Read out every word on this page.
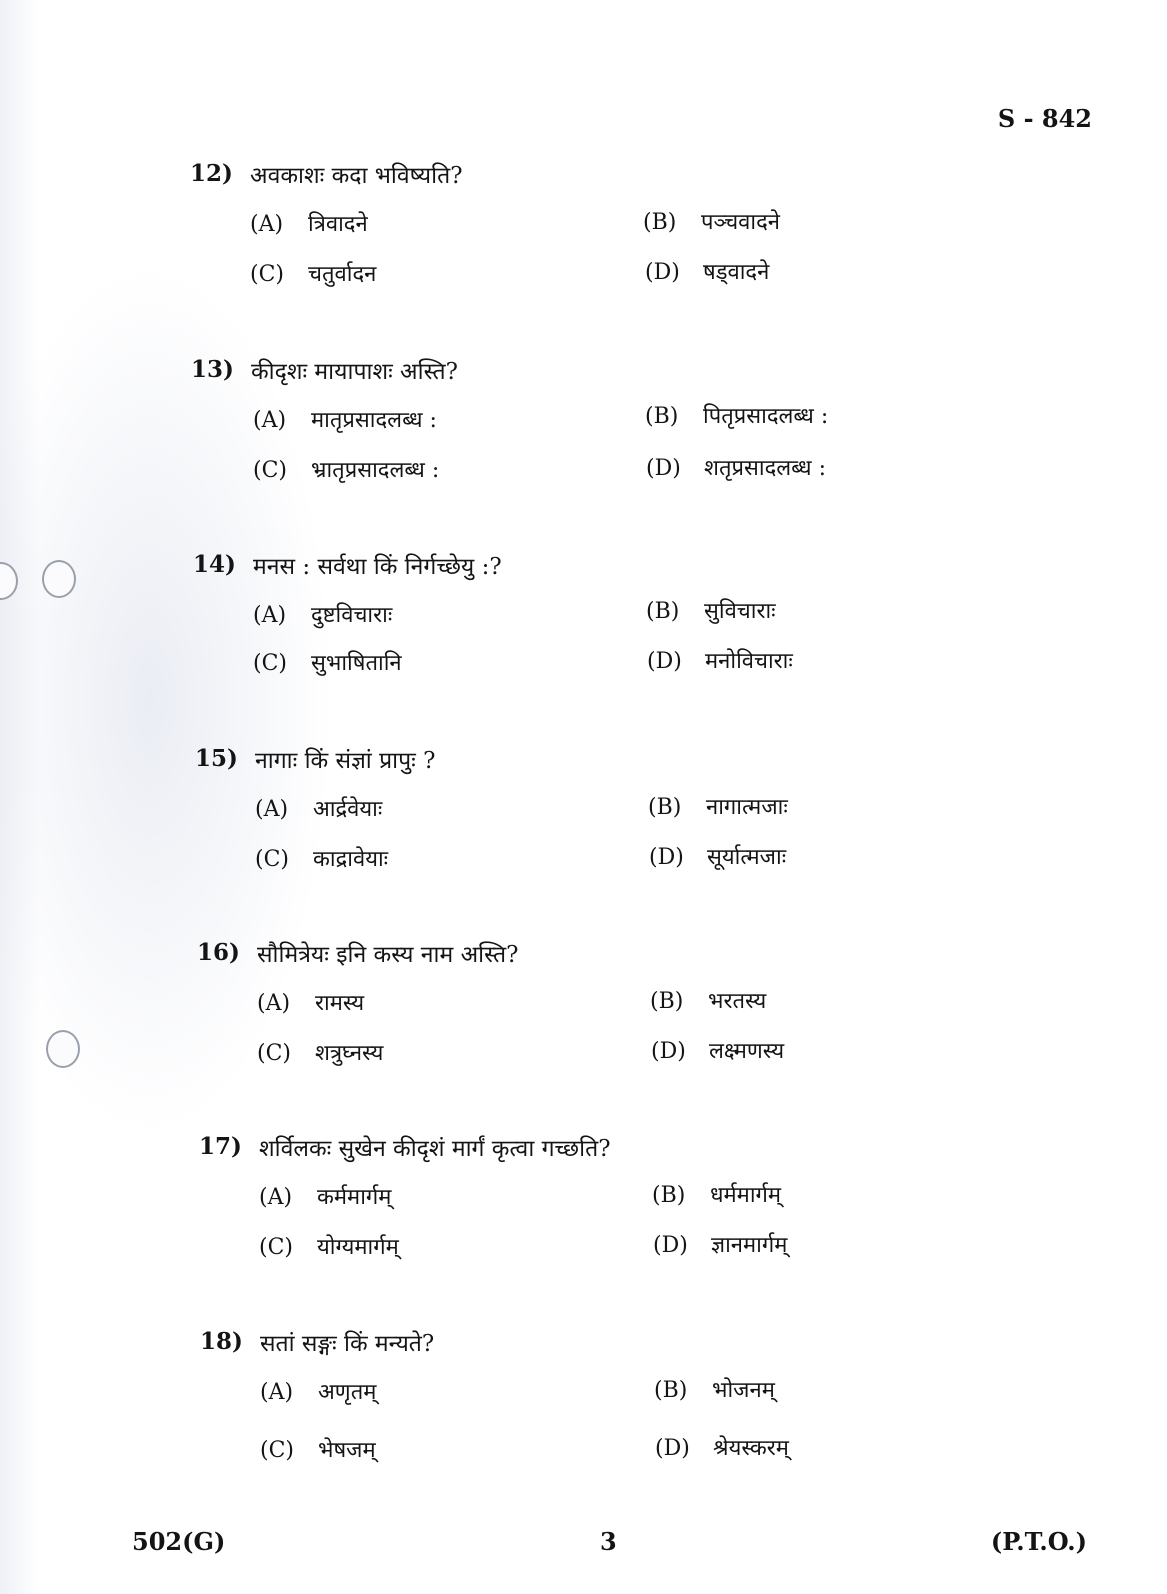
S - 842
12) अवकाशः कदा भविष्यति?
(A) त्रिवादने	(B) पञ्चवादने
(C) चतुर्वादन	(D) षड्वादने
13) कीदृशः मायापाशः अस्ति?
(A) मातृप्रसादलब्ध :	(B) पितृप्रसादलब्ध :
(C) भ्रातृप्रसादलब्ध :	(D) शतृप्रसादलब्ध :
14) मनस : सर्वथा किं निर्गच्छेयु :?
(A) दुष्टविचाराः	(B) सुविचाराः
(C) सुभाषितानि	(D) मनोविचाराः
15) नागाः किं संज्ञां प्रापुः ?
(A) आर्द्रवेयाः	(B) नागात्मजाः
(C) काद्रावेयाः	(D) सूर्यात्मजाः
16) सौमित्रेयः इनि कस्य नाम अस्ति?
(A) रामस्य	(B) भरतस्य
(C) शत्रुघ्नस्य	(D) लक्ष्मणस्य
17) शर्विलकः सुखेन कीदृशं मार्गं कृत्वा गच्छति?
(A) कर्ममार्गम्	(B) धर्ममार्गम्
(C) योग्यमार्गम्	(D) ज्ञानमार्गम्
18) सतां सङ्गः किं मन्यते?
(A) अणृतम्	(B) भोजनम्
(C) भेषजम्	(D) श्रेयस्करम्
502(G)	3	(P.T.O.)
